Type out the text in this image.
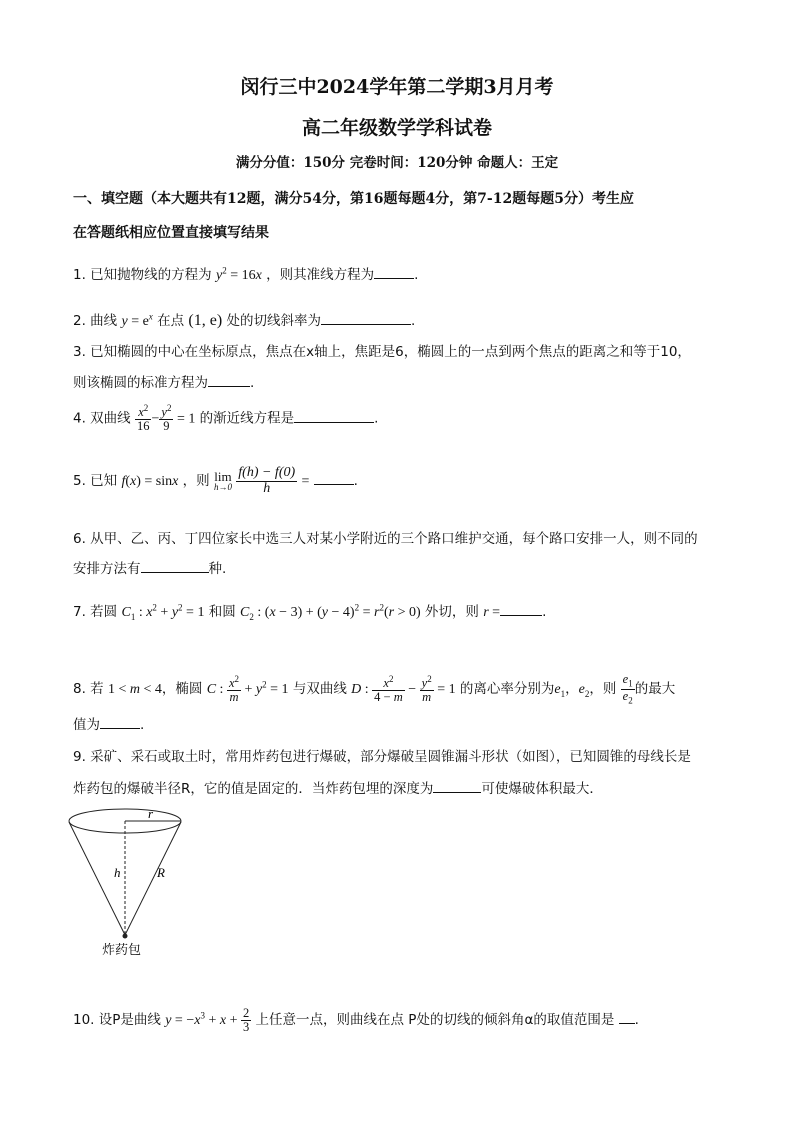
闵行三中2024学年第二学期3月月考
高二年级数学学科试卷
满分分值：150分 完卷时间：120分钟 命题人：王定
一、填空题（本大题共有12题，满分54分，第16题每题4分，第7-12题每题5分）考生应
在答题纸相应位置直接填写结果
1. 已知抛物线的方程为 $y^2 = 16x$ ，则其准线方程为	.
2. 曲线 $y = e^x$ 在点 (1, e) 处的切线斜率为	.
3. 已知椭圆的中心在坐标原点，焦点在x轴上，焦距是6，椭圆上的一点到两个焦点的距离之和等于10，
则该椭圆的标准方程为	.
4. 双曲线 $\frac{x^2}{16} - \frac{y^2}{9} = 1$ 的渐近线方程是	.
5. 已知 f(x) = sinx ，则 lim
h→0
$\frac{f(h) - f(0)}{h}$ =	.
6. 从甲、乙、丙、丁四位家长中选三人对某小学附近的三个路口维护交通，每个路口安排一人，则不同的
安排方法有	种.
7. 若圆 $C_1$ : $x^2 + y^2 = 1$ 和圆 $C_2$ : $(x - 3) + (y - 4)^2 = r^2(r > 0)$ 外切，则 r =	.
8. 若 1 < m < 4，椭圆 C : $\frac{x^2}{m} + y^2 = 1$ 与双曲线 D : $\frac{x^2}{4 - m} - \frac{y^2}{m} = 1$ 的离心率分别为$e_1$，$e_2$，则 $\frac{e_1}{e_2}$ 的最大
值为	.
9. 采矿、采石或取土时，常用炸药包进行爆破，部分爆破呈圆锥漏斗形状（如图），已知圆锥的母线长是
炸药包的爆破半径R，它的值是固定的．当炸药包埋的深度为	可使爆破体积最大．
r
h	R
炸药包
10. 设P是曲线 $y = -x^3 + x + \frac{2}{3}$ 上任意一点，则曲线在点 P处的切线的倾斜角α的取值范围是 .
